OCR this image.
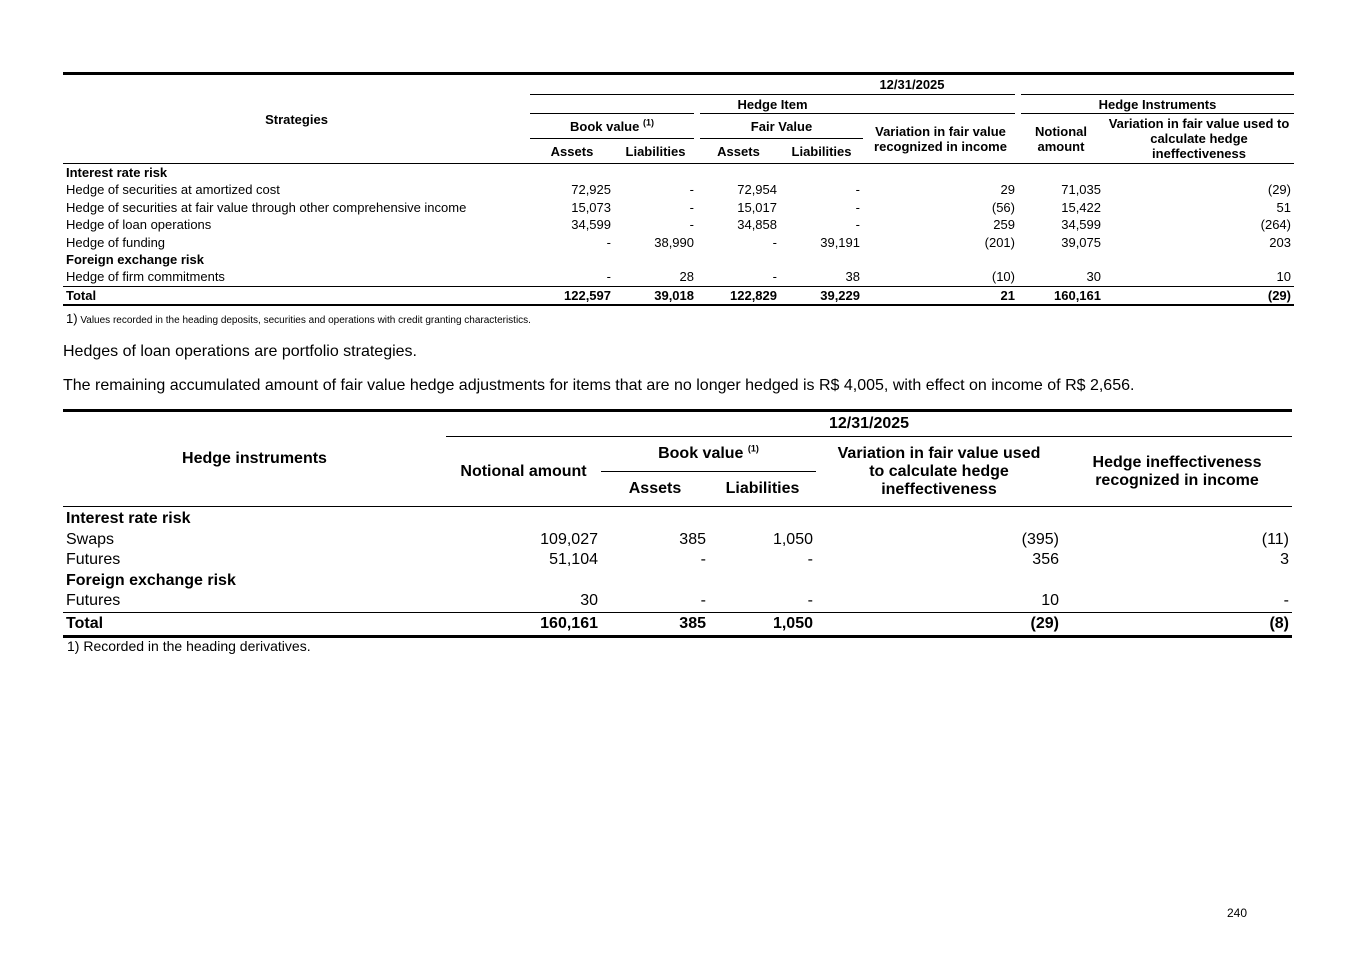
Strategies	12/31/2025						
	Hedge Item					Hedge Instruments	
	Book value $^{(1)}$		Fair Value		Variation in fair value recognized in income	Notional amount	Variation in fair value used to calculate hedge ineffectiveness
	Assets	Liabilities	Assets	Liabilities			
Interest rate risk							
Hedge of securities at amortized cost	72,925	-	72,954	-	29	71,035	(29)
Hedge of securities at fair value through other comprehensive income	15,073	-	15,017	-	(56)	15,422	51
Hedge of loan operations	34,599	-	34,858	-	259	34,599	(264)
Hedge of funding	-	38,990	-	39,191	(201)	39,075	203
Foreign exchange risk							
Hedge of firm commitments	-	28	-	38	(10)	30	10
Total	122,597	39,018	122,829	39,229	21	160,161	(29)
1) Values recorded in the heading deposits, securities and operations with credit granting characteristics.
Hedges of loan operations are portfolio strategies.
The remaining accumulated amount of fair value hedge adjustments for items that are no longer hedged is R$ 4,005, with effect on income of R$ 2,656.
Hedge instruments	12/31/2025				
	Notional amount	Book value $^{(1)}$		Variation in fair value used to calculate hedge ineffectiveness	Hedge ineffectiveness recognized in income
		Assets	Liabilities		
Interest rate risk					
Swaps	109,027	385	1,050	(395)	(11)
Futures	51,104	-	-	356	3
Foreign exchange risk					
Futures	30	-	-	10	-
Total	160,161	385	1,050	(29)	(8)
1) Recorded in the heading derivatives.
240
